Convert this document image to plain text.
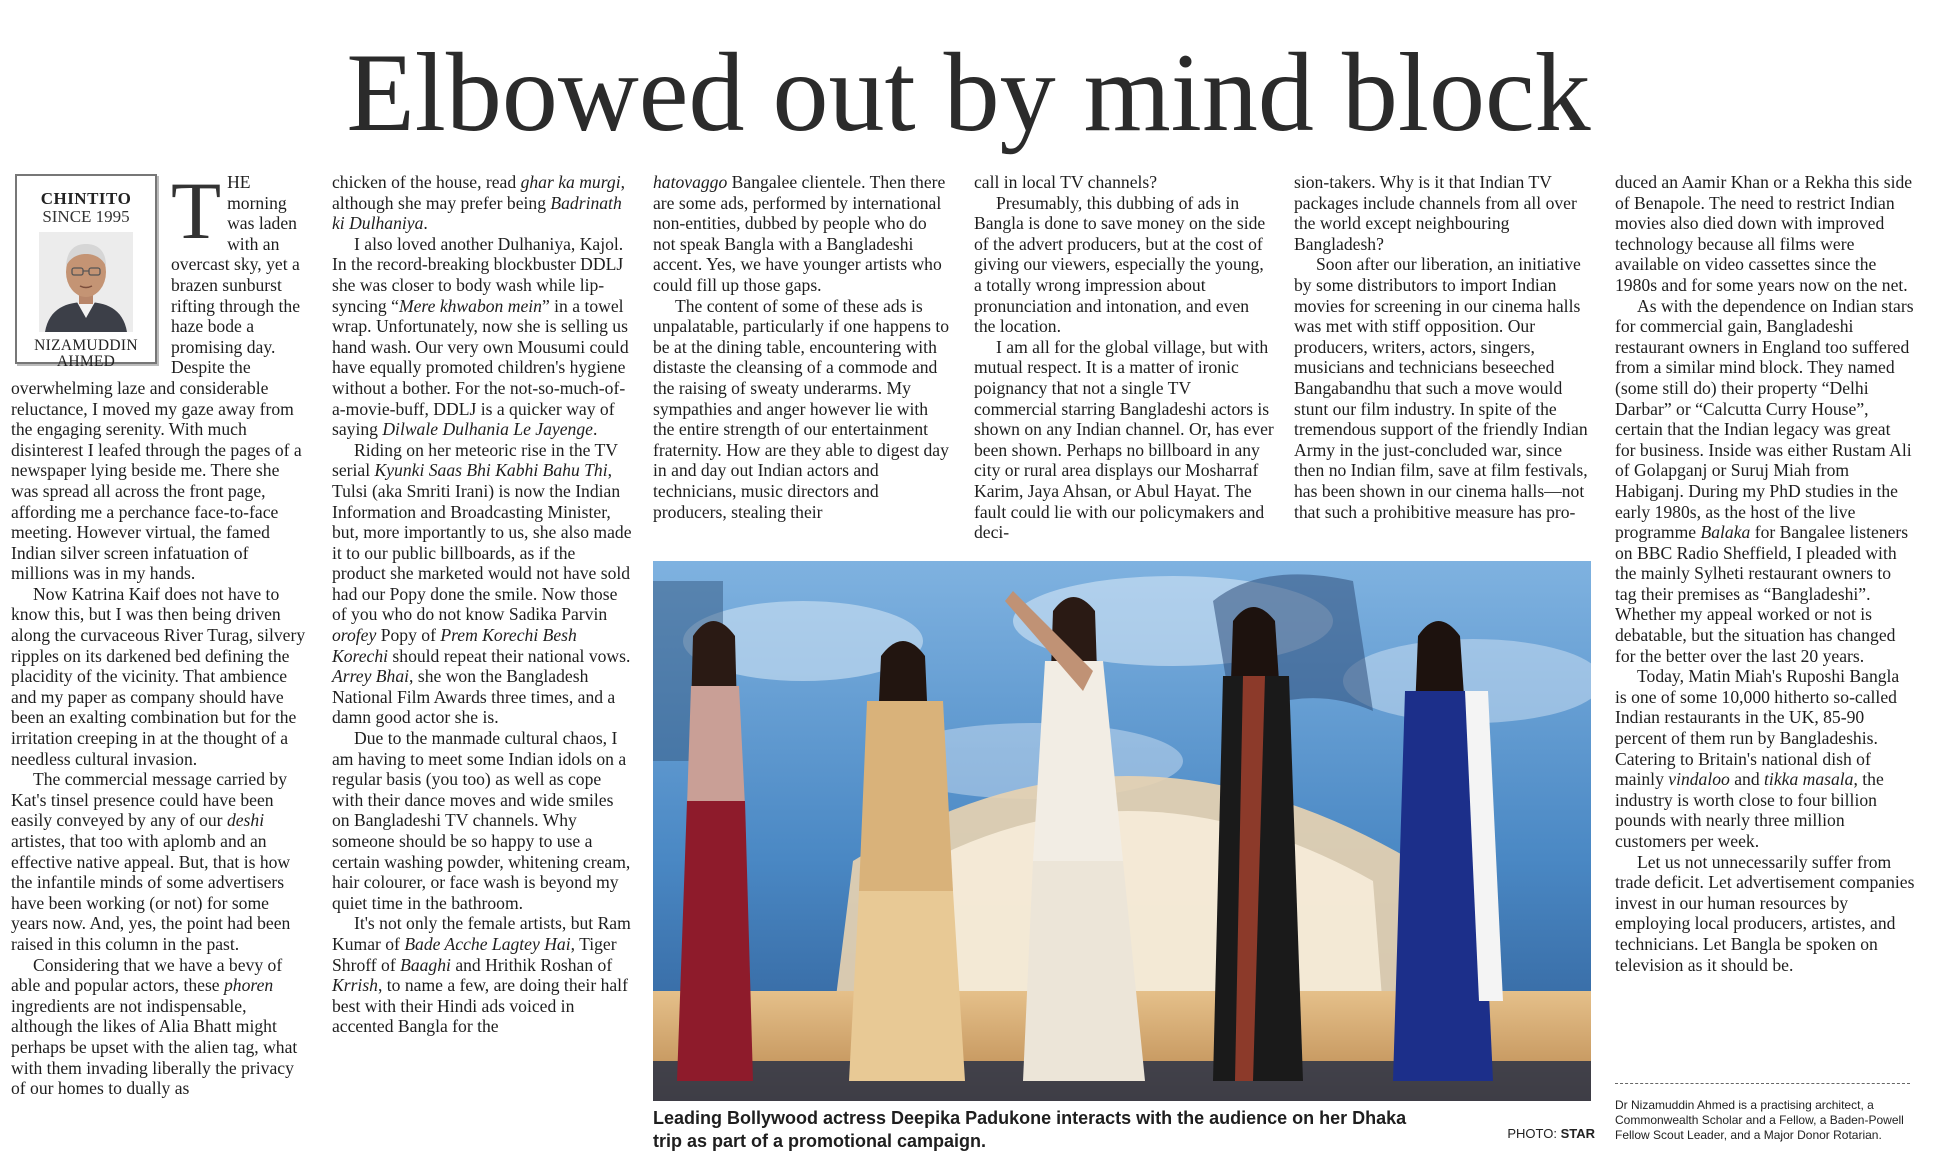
Elbowed out by mind block
CHINTITO
SINCE 1995
NIZAMUDDIN AHMED
T HE morning was laden with an overcast sky, yet a brazen sunburst rifting through the haze bode a promising day. Despite the overwhelming laze and considerable reluctance, I moved my gaze away from the engaging serenity. With much disinterest I leafed through the pages of a newspaper lying beside me. There she was spread all across the front page, affording me a perchance face-to-face meeting. However virtual, the famed Indian silver screen infatuation of millions was in my hands.

Now Katrina Kaif does not have to know this, but I was then being driven along the curvaceous River Turag, silvery ripples on its darkened bed defining the placidity of the vicinity. That ambience and my paper as company should have been an exalting combination but for the irritation creeping in at the thought of a needless cultural invasion.

The commercial message carried by Kat's tinsel presence could have been easily conveyed by any of our deshi artistes, that too with aplomb and an effective native appeal. But, that is how the infantile minds of some advertisers have been working (or not) for some years now. And, yes, the point had been raised in this column in the past.

Considering that we have a bevy of able and popular actors, these phoren ingredients are not indispensable, although the likes of Alia Bhatt might perhaps be upset with the alien tag, what with them invading liberally the privacy of our homes to dually as

chicken of the house, read ghar ka murgi, although she may prefer being Badrinath ki Dulhaniya.

I also loved another Dulhaniya, Kajol. In the record-breaking blockbuster DDLJ she was closer to body wash while lip-syncing “Mere khwabon mein” in a towel wrap. Unfortunately, now she is selling us hand wash. Our very own Mousumi could have equally promoted children's hygiene without a bother. For the not-so-much-of-a-movie-buff, DDLJ is a quicker way of saying Dilwale Dulhania Le Jayenge.

Riding on her meteoric rise in the TV serial Kyunki Saas Bhi Kabhi Bahu Thi, Tulsi (aka Smriti Irani) is now the Indian Information and Broadcasting Minister, but, more importantly to us, she also made it to our public billboards, as if the product she marketed would not have sold had our Popy done the smile. Now those of you who do not know Sadika Parvin orofey Popy of Prem Korechi Besh Korechi should repeat their national vows. Arrey Bhai, she won the Bangladesh National Film Awards three times, and a damn good actor she is.

Due to the manmade cultural chaos, I am having to meet some Indian idols on a regular basis (you too) as well as cope with their dance moves and wide smiles on Bangladeshi TV channels. Why someone should be so happy to use a certain washing powder, whitening cream, hair colourer, or face wash is beyond my quiet time in the bathroom.

It's not only the female artists, but Ram Kumar of Bade Acche Lagtey Hai, Tiger Shroff of Baaghi and Hrithik Roshan of Krrish, to name a few, are doing their half best with their Hindi ads voiced in accented Bangla for the

hatovaggo Bangalee clientele. Then there are some ads, performed by international non-entities, dubbed by people who do not speak Bangla with a Bangladeshi accent. Yes, we have younger artists who could fill up those gaps.

The content of some of these ads is unpalatable, particularly if one happens to be at the dining table, encountering with distaste the cleansing of a commode and the raising of sweaty underarms. My sympathies and anger however lie with the entire strength of our entertainment fraternity. How are they able to digest day in and day out Indian actors and technicians, music directors and producers, stealing their

call in local TV channels?

Presumably, this dubbing of ads in Bangla is done to save money on the side of the advert producers, but at the cost of giving our viewers, especially the young, a totally wrong impression about pronunciation and intonation, and even the location.

I am all for the global village, but with mutual respect. It is a matter of ironic poignancy that not a single TV commercial starring Bangladeshi actors is shown on any Indian channel. Or, has ever been shown. Perhaps no billboard in any city or rural area displays our Mosharraf Karim, Jaya Ahsan, or Abul Hayat. The fault could lie with our policymakers and deci-

sion-takers. Why is it that Indian TV packages include channels from all over the world except neighbouring Bangladesh?

Soon after our liberation, an initiative by some distributors to import Indian movies for screening in our cinema halls was met with stiff opposition. Our producers, writers, actors, singers, musicians and technicians beseeched Bangabandhu that such a move would stunt our film industry. In spite of the tremendous support of the friendly Indian Army in the just-concluded war, since then no Indian film, save at film festivals, has been shown in our cinema halls—not that such a prohibitive measure has pro-

duced an Aamir Khan or a Rekha this side of Benapole. The need to restrict Indian movies also died down with improved technology because all films were available on video cassettes since the 1980s and for some years now on the net.

As with the dependence on Indian stars for commercial gain, Bangladeshi restaurant owners in England too suffered from a similar mind block. They named (some still do) their property “Delhi Darbar” or “Calcutta Curry House”, certain that the Indian legacy was great for business. Inside was either Rustam Ali of Golapganj or Suruj Miah from Habiganj. During my PhD studies in the early 1980s, as the host of the live programme Balaka for Bangalee listeners on BBC Radio Sheffield, I pleaded with the mainly Sylheti restaurant owners to tag their premises as “Bangladeshi”. Whether my appeal worked or not is debatable, but the situation has changed for the better over the last 20 years.

Today, Matin Miah's Ruposhi Bangla is one of some 10,000 hitherto so-called Indian restaurants in the UK, 85-90 percent of them run by Bangladeshis. Catering to Britain's national dish of mainly vindaloo and tikka masala, the industry is worth close to four billion pounds with nearly three million customers per week.

Let us not unnecessarily suffer from trade deficit. Let advertisement companies invest in our human resources by employing local producers, artistes, and technicians. Let Bangla be spoken on television as it should be.

Leading Bollywood actress Deepika Padukone interacts with the audience on her Dhaka trip as part of a promotional campaign.	PHOTO: STAR
Dr Nizamuddin Ahmed is a practising architect, a Commonwealth Scholar and a Fellow, a Baden-Powell Fellow Scout Leader, and a Major Donor Rotarian.
